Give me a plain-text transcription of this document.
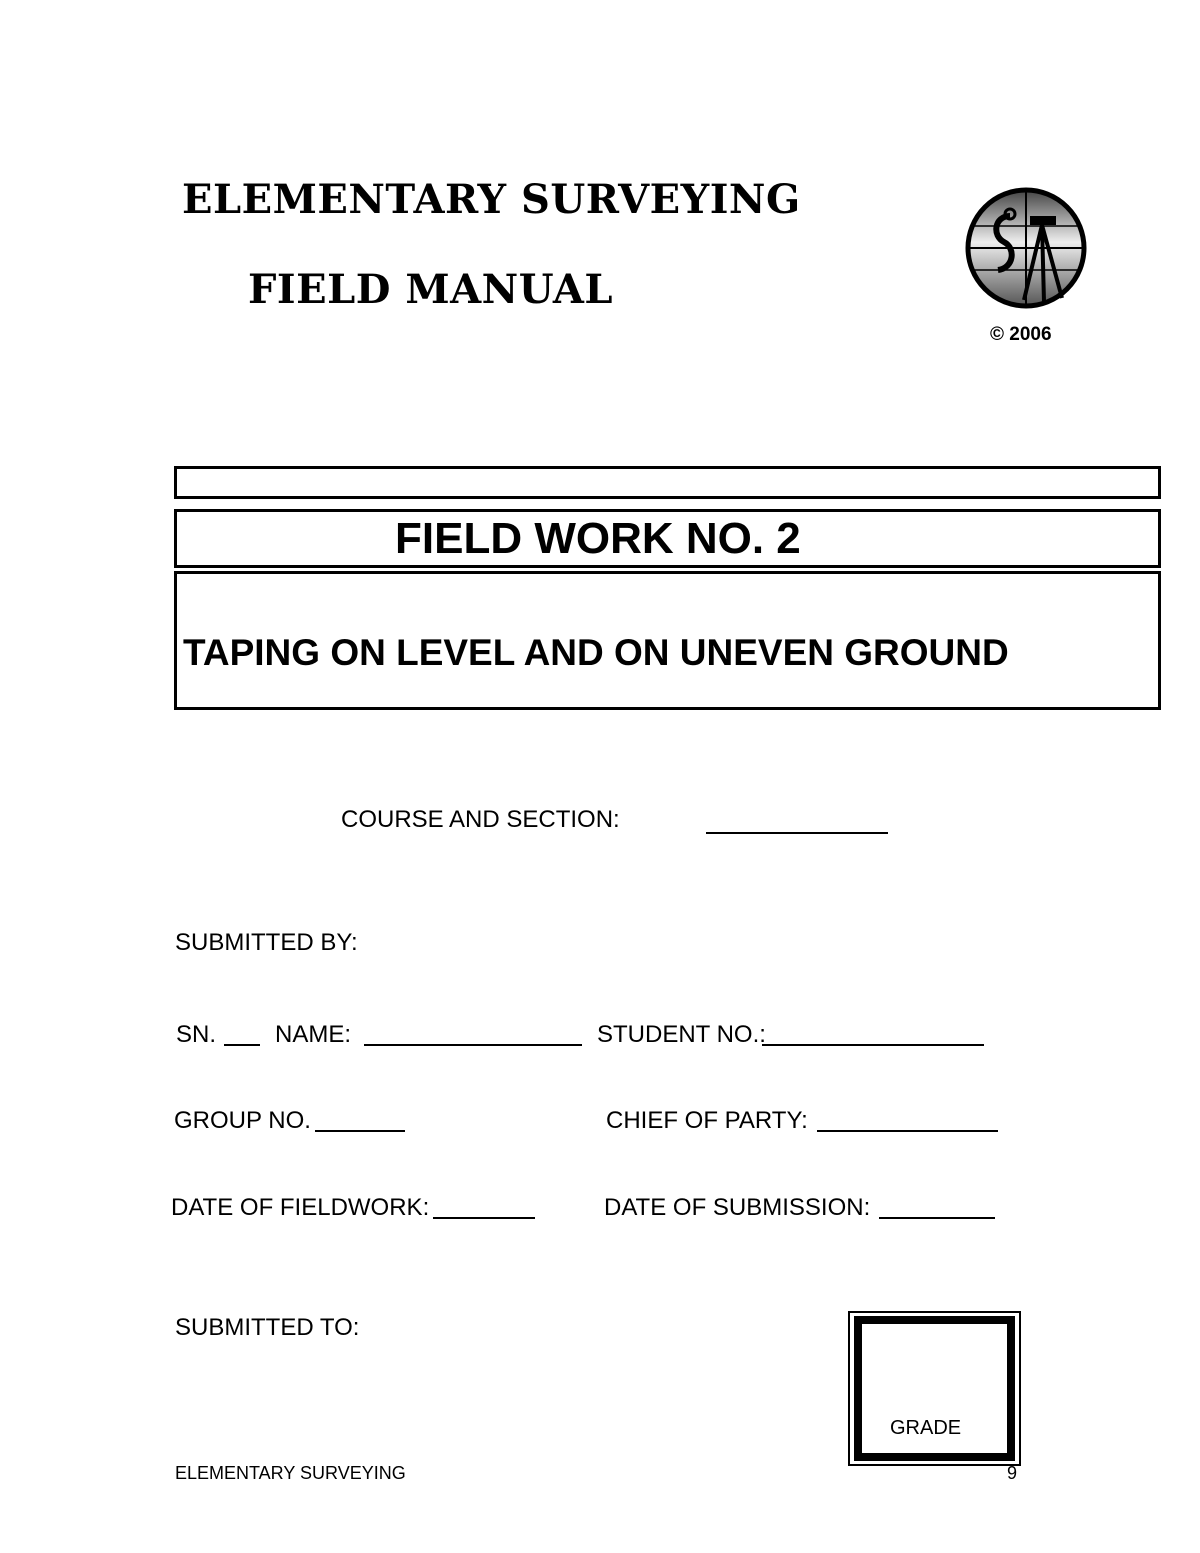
ELEMENTARY SURVEYING
FIELD MANUAL
© 2006
FIELD WORK NO. 2
TAPING ON LEVEL AND ON UNEVEN GROUND
COURSE AND SECTION:
SUBMITTED BY:
SN. NAME:	STUDENT NO.:
GROUP NO.	CHIEF OF PARTY:
DATE OF FIELDWORK:	DATE OF SUBMISSION:
SUBMITTED TO:
GRADE
ELEMENTARY SURVEYING	9
